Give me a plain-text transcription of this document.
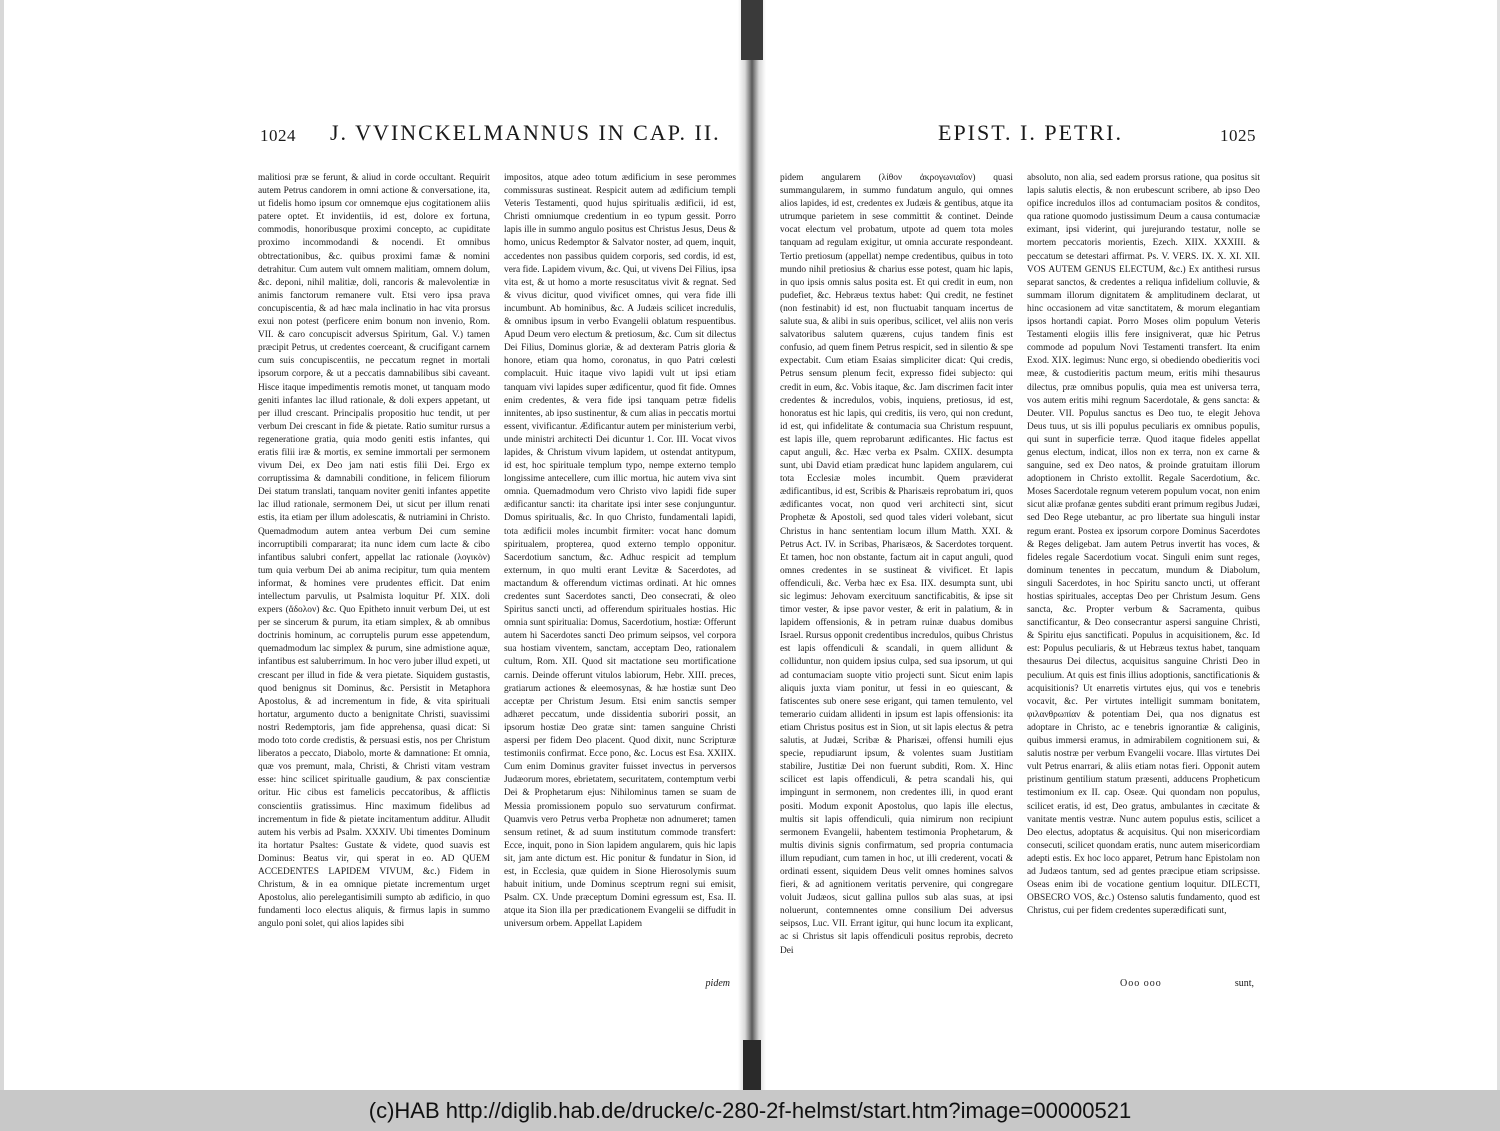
1024 J. VVINCKELMANNUS IN CAP. II.

malitiosi præ se ferunt, & aliud in corde occultant. Requirit autem Petrus candorem in omni actione & conversatione, ita, ut fidelis homo ipsum cor omnemque ejus cogitationem aliis patere optet. Et invidentiis, id est, dolore ex fortuna, commodis, honoribusque proximi concepto, ac cupiditate proximo incommodandi & nocendi. Et omnibus obtrectationibus, &c. quibus proximi famæ & nomini detrahitur. Cum autem vult omnem malitiam, omnem dolum, &c. deponi, nihil malitiæ, doli, rancoris & malevolentiæ in animis fanctorum remanere vult. Etsi vero ipsa prava concupiscentia, & ad hæc mala inclinatio in hac vita prorsus exui non potest (perficere enim bonum non invenio, Rom. VII. & caro concupiscit adversus Spiritum, Gal. V.) tamen præcipit Petrus, ut credentes coerceant, & crucifigant carnem cum suis concupiscentiis, ne peccatum regnet in mortali ipsorum corpore, & ut a peccatis damnabilibus sibi caveant. Hisce itaque impedimentis remotis monet, ut tanquam modo geniti infantes lac illud rationale, & doli expers appetant, ut per illud crescant. Principalis propositio huc tendit, ut per verbum Dei crescant in fide & pietate. Ratio sumitur rursus a regeneratione gratia, quia modo geniti estis infantes, qui eratis filii iræ & mortis, ex semine immortali per sermonem vivum Dei, ex Deo jam nati estis filii Dei. Ergo ex corruptissima & damnabili conditione, in felicem filiorum Dei statum translati, tanquam noviter geniti infantes appetite lac illud rationale, sermonem Dei, ut sicut per illum renati estis, ita etiam per illum adolescatis, & nutriamini in Christo. Quemadmodum autem antea verbum Dei cum semine incorruptibili compararat; ita nunc idem cum lacte & cibo infantibus salubri confert, appellat lac rationale (λογικὸν) tum quia verbum Dei ab anima recipitur, tum quia mentem informat, & homines vere prudentes efficit. Dat enim intellectum parvulis, ut Psalmista loquitur Pf. XIX. doli expers (ἄδολον) &c. Quo Epitheto innuit verbum Dei, ut est per se sincerum & purum, ita etiam simplex, & ab omnibus doctrinis hominum, ac corruptelis purum esse appetendum, quemadmodum lac simplex & purum, sine admistione aquæ, infantibus est saluberrimum. In hoc vero juber illud expeti, ut crescant per illud in fide & vera pietate. Siquidem gustastis, quod benignus sit Dominus, &c. Persistit in Metaphora Apostolus, & ad incrementum in fide, & vita spirituali hortatur, argumento ducto a benignitate Christi, suavissimi nostri Redemptoris, jam fide apprehensa, quasi dicat: Si modo toto corde credistis, & persuasi estis, nos per Christum liberatos a peccato, Diabolo, morte & damnatione: Et omnia, quæ vos premunt, mala, Christi, & Christi vitam vestram esse: hinc scilicet spiritualle gaudium, & pax conscientiæ oritur. Hic cibus est famelicis peccatoribus, & afflictis conscientiis gratissimus. Hinc maximum fidelibus ad incrementum in fide & pietate incitamentum additur. Alludit autem his verbis ad Psalm. XXXIV. Ubi timentes Dominum ita hortatur Psaltes: Gustate & videte, quod suavis est Dominus: Beatus vir, qui sperat in eo. AD QUEM ACCEDENTES LAPIDEM VIVUM, &c.) Fidem in Christum, & in ea omnique pietate incrementum urget Apostolus, alio perelegantisimili sumpto ab ædificio, in quo fundamenti loco electus aliquis, & firmus lapis in summo angulo poni solet, qui alios lapides sibi

impositos, atque adeo totum ædificium in sese perommes commissuras sustineat. Respicit autem ad ædificium templi Veteris Testamenti, quod hujus spiritualis ædificii, id est, Christi omniumque credentium in eo typum gessit. Porro lapis ille in summo angulo positus est Christus Jesus, Deus & homo, unicus Redemptor & Salvator noster, ad quem, inquit, accedentes non passibus quidem corporis, sed cordis, id est, vera fide. Lapidem vivum, &c. Qui, ut vivens Dei Filius, ipsa vita est, & ut homo a morte resuscitatus vivit & regnat. Sed & vivus dicitur, quod vivificet omnes, qui vera fide illi incumbunt. Ab hominibus, &c. A Judæis scilicet incredulis, & omnibus ipsum in verbo Evangelii oblatum respuentibus. Apud Deum vero electum & pretiosum, &c. Cum sit dilectus Dei Filius, Dominus gloriæ, & ad dexteram Patris gloria & honore, etiam qua homo, coronatus, in quo Patri cœlesti complacuit. Huic itaque vivo lapidi vult ut ipsi etiam tanquam vivi lapides super ædificentur, quod fit fide. Omnes enim credentes, & vera fide ipsi tanquam petræ fidelis innitentes, ab ipso sustinentur, & cum alias in peccatis mortui essent, vivificantur. Ædificantur autem per ministerium verbi, unde ministri architecti Dei dicuntur 1. Cor. III. Vocat vivos lapides, & Christum vivum lapidem, ut ostendat antitypum, id est, hoc spirituale templum typo, nempe externo templo longissime antecellere, cum illic mortua, hic autem viva sint omnia. Quemadmodum vero Christo vivo lapidi fide super ædificantur sancti: ita charitate ipsi inter sese conjunguntur. Domus spiritualis, &c. In quo Christo, fundamentali lapidi, tota ædificii moles incumbit firmiter: vocat hanc domum spiritualem, propterea, quod externo templo opponitur. Sacerdotium sanctum, &c. Adhuc respicit ad templum externum, in quo multi erant Levitæ & Sacerdotes, ad mactandum & offerendum victimas ordinati. At hic omnes credentes sunt Sacerdotes sancti, Deo consecrati, & oleo Spiritus sancti uncti, ad offerendum spirituales hostias. Hic omnia sunt spiritualia: Domus, Sacerdotium, hostiæ: Offerunt autem hi Sacerdotes sancti Deo primum seipsos, vel corpora sua hostiam viventem, sanctam, acceptam Deo, rationalem cultum, Rom. XII. Quod sit mactatione seu mortificatione carnis. Deinde offerunt vitulos labiorum, Hebr. XIII. preces, gratiarum actiones & eleemosynas, & hæ hostiæ sunt Deo acceptæ per Christum Jesum. Etsi enim sanctis semper adhæret peccatum, unde dissidentia suboriri possit, an ipsorum hostiæ Deo gratæ sint: tamen sanguine Christi aspersi per fidem Deo placent. Quod dixit, nunc Scripturæ testimoniis confirmat. Ecce pono, &c. Locus est Esa. XXIIX. Cum enim Dominus graviter fuisset invectus in perversos Judæorum mores, ebrietatem, securitatem, contemptum verbi Dei & Prophetarum ejus: Nihilominus tamen se suam de Messia promissionem populo suo servaturum confirmat. Quamvis vero Petrus verba Prophetæ non adnumeret; tamen sensum retinet, & ad suum institutum commode transfert: Ecce, inquit, pono in Sion lapidem angularem, quis hic lapis sit, jam ante dictum est. Hic ponitur & fundatur in Sion, id est, in Ecclesia, quæ quidem in Sione Hierosolymis suum habuit initium, unde Dominus sceptrum regni sui emisit, Psalm. CX. Unde præceptum Domini egressum est, Esa. II. atque ita Sion illa per prædicationem Evangelii se diffudit in universum orbem. Appellat Lapidem

pidem
EPIST. I. PETRI.	1025

pidem angularem (λίθον ἀκρογωνιαῖον) quasi summangularem, in summo fundatum angulo, qui omnes alios lapides, id est, credentes ex Judæis & gentibus, atque ita utrumque parietem in sese committit & continet. Deinde vocat electum vel probatum, utpote ad quem tota moles tanquam ad regulam exigitur, ut omnia accurate respondeant. Tertio pretiosum (appellat) nempe credentibus, quibus in toto mundo nihil pretiosius & charius esse potest, quam hic lapis, in quo ipsis omnis salus posita est. Et qui credit in eum, non pudefiet, &c. Hebræus textus habet: Qui credit, ne festinet (non festinabit) id est, non fluctuabit tanquam incertus de salute sua, & alibi in suis operibus, scilicet, vel aliis non veris salvatoribus salutem quærens, cujus tandem finis est confusio, ad quem finem Petrus respicit, sed in silentio & spe expectabit. Cum etiam Esaias simpliciter dicat: Qui credis, Petrus sensum plenum fecit, expresso fidei subjecto: qui credit in eum, &c. Vobis itaque, &c. Jam discrimen facit inter credentes & incredulos, vobis, inquiens, pretiosus, id est, honoratus est hic lapis, qui creditis, iis vero, qui non credunt, id est, qui infidelitate & contumacia sua Christum respuunt, est lapis ille, quem reprobarunt ædificantes. Hic factus est caput anguli, &c. Hæc verba ex Psalm. CXIIX. desumpta sunt, ubi David etiam prædicat hunc lapidem angularem, cui tota Ecclesiæ moles incumbit. Quem præviderat ædificantibus, id est, Scribis & Pharisæis reprobatum iri, quos ædificantes vocat, non quod veri architecti sint, sicut Prophetæ & Apostoli, sed quod tales videri volebant, sicut Christus in hanc sententiam locum illum Matth. XXI. & Petrus Act. IV. in Scribas, Pharisæos, & Sacerdotes torquent. Et tamen, hoc non obstante, factum ait in caput anguli, quod omnes credentes in se sustineat & vivificet. Et lapis offendiculi, &c. Verba hæc ex Esa. IIX. desumpta sunt, ubi sic legimus: Jehovam exercituum sanctificabitis, & ipse sit timor vester, & ipse pavor vester, & erit in palatium, & in lapidem offensionis, & in petram ruinæ duabus domibus Israel. Rursus opponit credentibus incredulos, quibus Christus est lapis offendiculi & scandali, in quem allidunt & colliduntur, non quidem ipsius culpa, sed sua ipsorum, ut qui ad contumaciam suopte vitio projecti sunt. Sicut enim lapis aliquis juxta viam ponitur, ut fessi in eo quiescant, & fatiscentes sub onere sese erigant, qui tamen temulento, vel temerario cuidam allidenti in ipsum est lapis offensionis: ita etiam Christus positus est in Sion, ut sit lapis electus & petra salutis, at Judæi, Scribæ & Pharisæi, offensi humili ejus specie, repudiarunt ipsum, & volentes suam Justitiam stabilire, Justitiæ Dei non fuerunt subditi, Rom. X. Hinc scilicet est lapis offendiculi, & petra scandali his, qui impingunt in sermonem, non credentes illi, in quod erant positi. Modum exponit Apostolus, quo lapis ille electus, multis sit lapis offendiculi, quia nimirum non recipiunt sermonem Evangelii, habentem testimonia Prophetarum, & multis divinis signis confirmatum, sed propria contumacia illum repudiant, cum tamen in hoc, ut illi crederent, vocati & ordinati essent, siquidem Deus velit omnes homines salvos fieri, & ad agnitionem veritatis pervenire, qui congregare voluit Judæos, sicut gallina pullos sub alas suas, at ipsi noluerunt, contemnentes omne consilium Dei adversus seipsos, Luc. VII. Errant igitur, qui hunc locum ita explicant, ac si Christus sit lapis offendiculi positus reprobis, decreto Dei

absoluto, non alia, sed eadem prorsus ratione, qua positus sit lapis salutis electis, & non erubescunt scribere, ab ipso Deo opifice incredulos illos ad contumaciam positos & conditos, qua ratione quomodo justissimum Deum a causa contumaciæ eximant, ipsi viderint, qui jurejurando testatur, nolle se mortem peccatoris morientis, Ezech. XIIX. XXXIII. & peccatum se detestari affirmat. Ps. V. VERS. IX. X. XI. XII. VOS AUTEM GENUS ELECTUM, &c.) Ex antithesi rursus separat sanctos, & credentes a reliqua infidelium colluvie, & summam illorum dignitatem & amplitudinem declarat, ut hinc occasionem ad vitæ sanctitatem, & morum elegantiam ipsos hortandi capiat. Porro Moses olim populum Veteris Testamenti elogiis illis fere insigniverat, quæ hic Petrus commode ad populum Novi Testamenti transfert. Ita enim Exod. XIX. legimus: Nunc ergo, si obediendo obedieritis voci meæ, & custodieritis pactum meum, eritis mihi thesaurus dilectus, præ omnibus populis, quia mea est universa terra, vos autem eritis mihi regnum Sacerdotale, & gens sancta: & Deuter. VII. Populus sanctus es Deo tuo, te elegit Jehova Deus tuus, ut sis illi populus peculiaris ex omnibus populis, qui sunt in superficie terræ. Quod itaque fideles appellat genus electum, indicat, illos non ex terra, non ex carne & sanguine, sed ex Deo natos, & proinde gratuitam illorum adoptionem in Christo extollit. Regale Sacerdotium, &c. Moses Sacerdotale regnum veterem populum vocat, non enim sicut aliæ profanæ gentes subditi erant primum regibus Judæi, sed Deo Rege utebantur, ac pro libertate sua hinguli instar regum erant. Postea ex ipsorum corpore Dominus Sacerdotes & Reges deligebat. Jam autem Petrus invertit has voces, & fideles regale Sacerdotium vocat. Singuli enim sunt reges, dominum tenentes in peccatum, mundum & Diabolum, singuli Sacerdotes, in hoc Spiritu sancto uncti, ut offerant hostias spirituales, acceptas Deo per Christum Jesum. Gens sancta, &c. Propter verbum & Sacramenta, quibus sanctificantur, & Deo consecrantur aspersi sanguine Christi, & Spiritu ejus sanctificati. Populus in acquisitionem, &c. Id est: Populus peculiaris, & ut Hebræus textus habet, tanquam thesaurus Dei dilectus, acquisitus sanguine Christi Deo in peculium. At quis est finis illius adoptionis, sanctificationis & acquisitionis? Ut enarretis virtutes ejus, qui vos e tenebris vocavit, &c. Per virtutes intelligit summam bonitatem, φιλανθρωπίαν & potentiam Dei, qua nos dignatus est adoptare in Christo, ac e tenebris ignorantiæ & caliginis, quibus immersi eramus, in admirabilem cognitionem sui, & salutis nostræ per verbum Evangelii vocare. Illas virtutes Dei vult Petrus enarrari, & aliis etiam notas fieri. Opponit autem pristinum gentilium statum præsenti, adducens Propheticum testimonium ex II. cap. Oseæ. Qui quondam non populus, scilicet eratis, id est, Deo gratus, ambulantes in cæcitate & vanitate mentis vestræ. Nunc autem populus estis, scilicet a Deo electus, adoptatus & acquisitus. Qui non misericordiam consecuti, scilicet quondam eratis, nunc autem misericordiam adepti estis. Ex hoc loco apparet, Petrum hanc Epistolam non ad Judæos tantum, sed ad gentes præcipue etiam scripsisse. Oseas enim ibi de vocatione gentium loquitur. DILECTI, OBSECRO VOS, &c.) Ostenso salutis fundamento, quod est Christus, cui per fidem credentes superædificati sunt,

Ooo ooo	sunt,
(c)HAB http://diglib.hab.de/drucke/c-280-2f-helmst/start.htm?image=00000521
